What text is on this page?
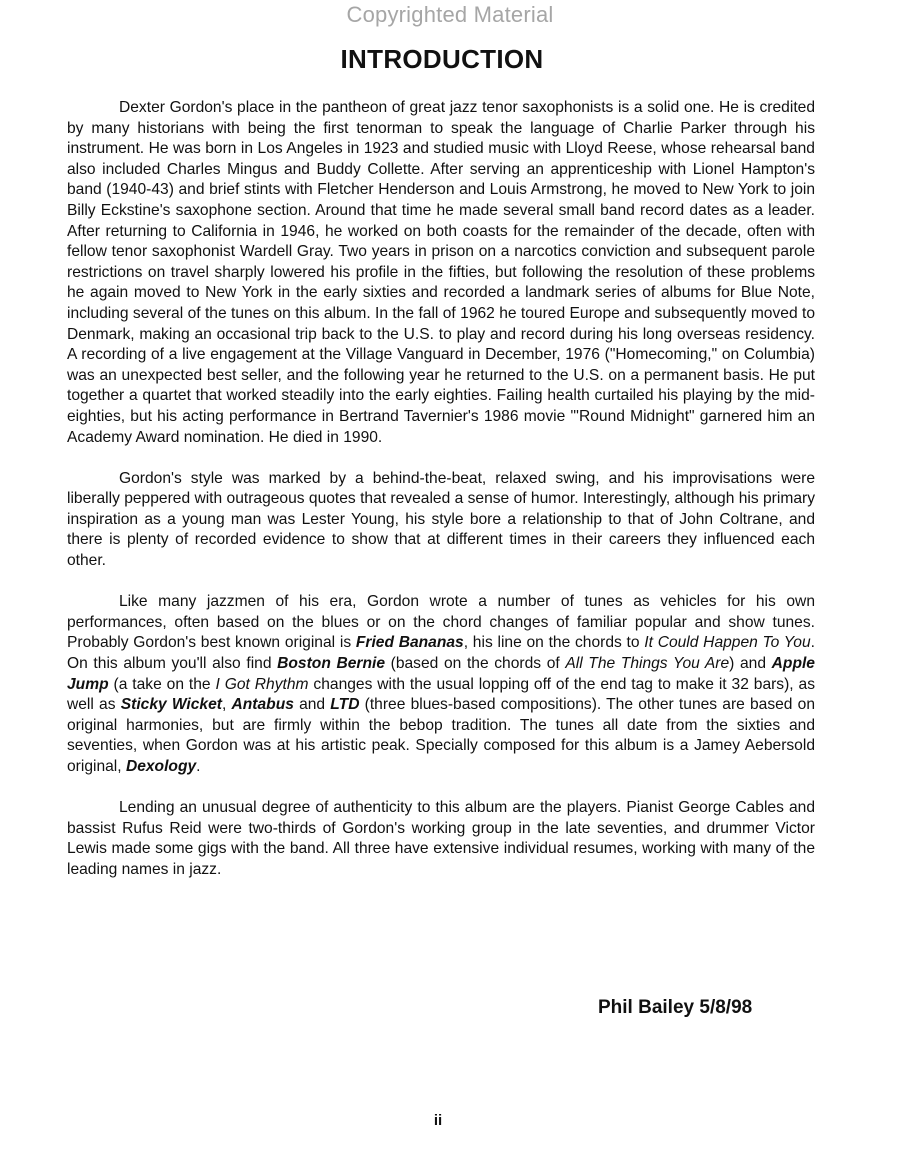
Copyrighted Material
INTRODUCTION

Dexter Gordon's place in the pantheon of great jazz tenor saxophonists is a solid one. He is credited by many historians with being the first tenorman to speak the language of Charlie Parker through his instrument. He was born in Los Angeles in 1923 and studied music with Lloyd Reese, whose rehearsal band also included Charles Mingus and Buddy Collette. After serving an apprenticeship with Lionel Hampton's band (1940-43) and brief stints with Fletcher Henderson and Louis Armstrong, he moved to New York to join Billy Eckstine's saxophone section. Around that time he made several small band record dates as a leader. After returning to California in 1946, he worked on both coasts for the remainder of the decade, often with fellow tenor saxophonist Wardell Gray. Two years in prison on a narcotics conviction and subsequent parole restrictions on travel sharply lowered his profile in the fifties, but following the resolution of these problems he again moved to New York in the early sixties and recorded a landmark series of albums for Blue Note, including several of the tunes on this album. In the fall of 1962 he toured Europe and subsequently moved to Denmark, making an occasional trip back to the U.S. to play and record during his long overseas residency. A recording of a live engagement at the Village Vanguard in December, 1976 ("Homecoming," on Columbia) was an unexpected best seller, and the following year he returned to the U.S. on a permanent basis. He put together a quartet that worked steadily into the early eighties. Failing health curtailed his playing by the mid-eighties, but his acting performance in Bertrand Tavernier's 1986 movie "'Round Midnight" garnered him an Academy Award nomination. He died in 1990.

Gordon's style was marked by a behind-the-beat, relaxed swing, and his improvisations were liberally peppered with outrageous quotes that revealed a sense of humor. Interestingly, although his primary inspiration as a young man was Lester Young, his style bore a relationship to that of John Coltrane, and there is plenty of recorded evidence to show that at different times in their careers they influenced each other.

Like many jazzmen of his era, Gordon wrote a number of tunes as vehicles for his own performances, often based on the blues or on the chord changes of familiar popular and show tunes. Probably Gordon's best known original is Fried Bananas, his line on the chords to It Could Happen To You. On this album you'll also find Boston Bernie (based on the chords of All The Things You Are) and Apple Jump (a take on the I Got Rhythm changes with the usual lopping off of the end tag to make it 32 bars), as well as Sticky Wicket, Antabus and LTD (three blues-based compositions). The other tunes are based on original harmonies, but are firmly within the bebop tradition. The tunes all date from the sixties and seventies, when Gordon was at his artistic peak. Specially composed for this album is a Jamey Aebersold original, Dexology.

Lending an unusual degree of authenticity to this album are the players. Pianist George Cables and bassist Rufus Reid were two-thirds of Gordon's working group in the late seventies, and drummer Victor Lewis made some gigs with the band. All three have extensive individual resumes, working with many of the leading names in jazz.

Phil Bailey 5/8/98
ii
